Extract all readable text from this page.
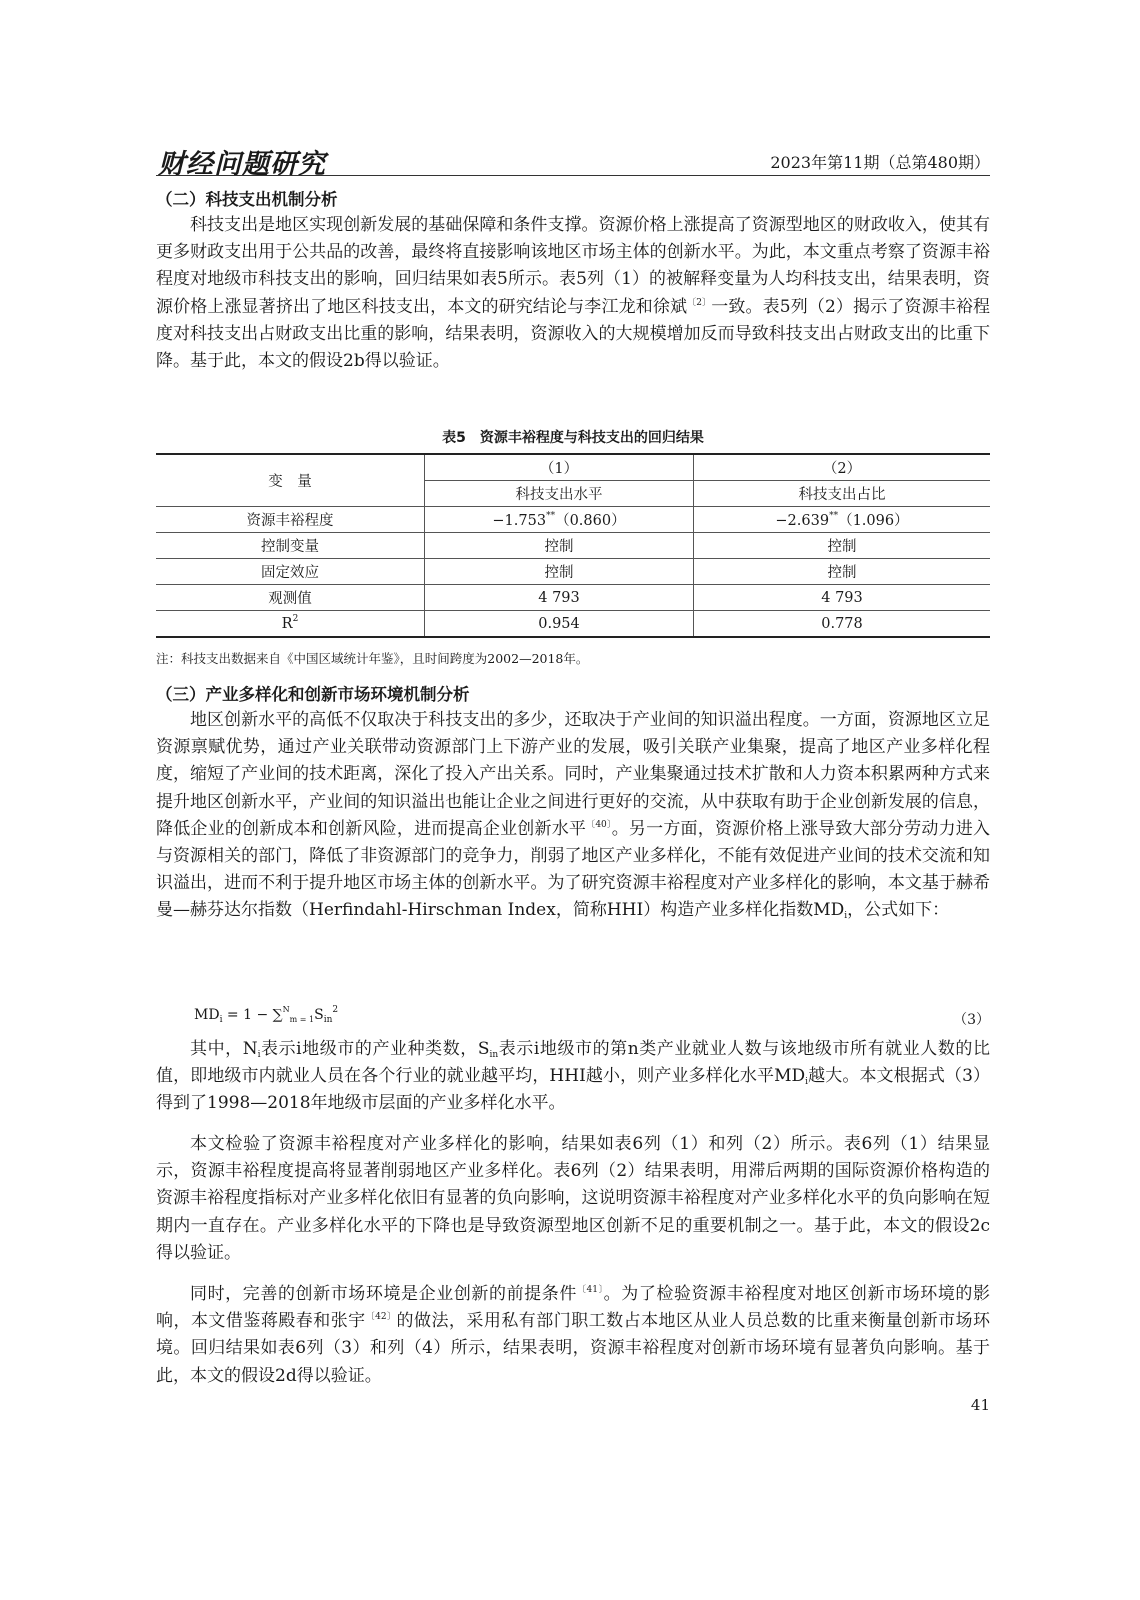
财经问题研究	2023年第11期（总第480期）
（二）科技支出机制分析

科技支出是地区实现创新发展的基础保障和条件支撑。资源价格上涨提高了资源型地区的财政收入，使其有更多财政支出用于公共品的改善，最终将直接影响该地区市场主体的创新水平。为此，本文重点考察了资源丰裕程度对地级市科技支出的影响，回归结果如表5所示。表5列（1）的被解释变量为人均科技支出，结果表明，资源价格上涨显著挤出了地区科技支出，本文的研究结论与李江龙和徐斌$^{〔2〕}$一致。表5列（2）揭示了资源丰裕程度对科技支出占财政支出比重的影响，结果表明，资源收入的大规模增加反而导致科技支出占财政支出的比重下降。基于此，本文的假设2b得以验证。

表5　资源丰裕程度与科技支出的回归结果
变　量	（1）	（2）
	科技支出水平	科技支出占比
资源丰裕程度	−1.753**（0.860）	−2.639**（1.096）
控制变量	控制	控制
固定效应	控制	控制
观测值	4 793	4 793
$R^2$	0.954	0.778
注：科技支出数据来自《中国区域统计年鉴》，且时间跨度为2002—2018年。
（三）产业多样化和创新市场环境机制分析

地区创新水平的高低不仅取决于科技支出的多少，还取决于产业间的知识溢出程度。一方面，资源地区立足资源禀赋优势，通过产业关联带动资源部门上下游产业的发展，吸引关联产业集聚，提高了地区产业多样化程度，缩短了产业间的技术距离，深化了投入产出关系。同时，产业集聚通过技术扩散和人力资本积累两种方式来提升地区创新水平，产业间的知识溢出也能让企业之间进行更好的交流，从中获取有助于企业创新发展的信息，降低企业的创新成本和创新风险，进而提高企业创新水平$^{〔40〕}$。另一方面，资源价格上涨导致大部分劳动力进入与资源相关的部门，降低了非资源部门的竞争力，削弱了地区产业多样化，不能有效促进产业间的技术交流和知识溢出，进而不利于提升地区市场主体的创新水平。为了研究资源丰裕程度对产业多样化的影响，本文基于赫希曼—赫芬达尔指数（Herfindahl-Hirschman Index，简称HHI）构造产业多样化指数$MD_i$，公式如下：

$MD_i = 1 - \sum^N_{m = 1}S_{in}^2$
（3）

其中，$N_i$表示i地级市的产业种类数，$S_{in}$表示i地级市的第n类产业就业人数与该地级市所有就业人数的比值，即地级市内就业人员在各个行业的就业越平均，HHI越小，则产业多样化水平$MD_i$越大。本文根据式（3）得到了1998—2018年地级市层面的产业多样化水平。

本文检验了资源丰裕程度对产业多样化的影响，结果如表6列（1）和列（2）所示。表6列（1）结果显示，资源丰裕程度提高将显著削弱地区产业多样化。表6列（2）结果表明，用滞后两期的国际资源价格构造的资源丰裕程度指标对产业多样化依旧有显著的负向影响，这说明资源丰裕程度对产业多样化水平的负向影响在短期内一直存在。产业多样化水平的下降也是导致资源型地区创新不足的重要机制之一。基于此，本文的假设2c得以验证。

同时，完善的创新市场环境是企业创新的前提条件$^{〔41〕}$。为了检验资源丰裕程度对地区创新市场环境的影响，本文借鉴蒋殿春和张宇$^{〔42〕}$的做法，采用私有部门职工数占本地区从业人员总数的比重来衡量创新市场环境。回归结果如表6列（3）和列（4）所示，结果表明，资源丰裕程度对创新市场环境有显著负向影响。基于此，本文的假设2d得以验证。

41
